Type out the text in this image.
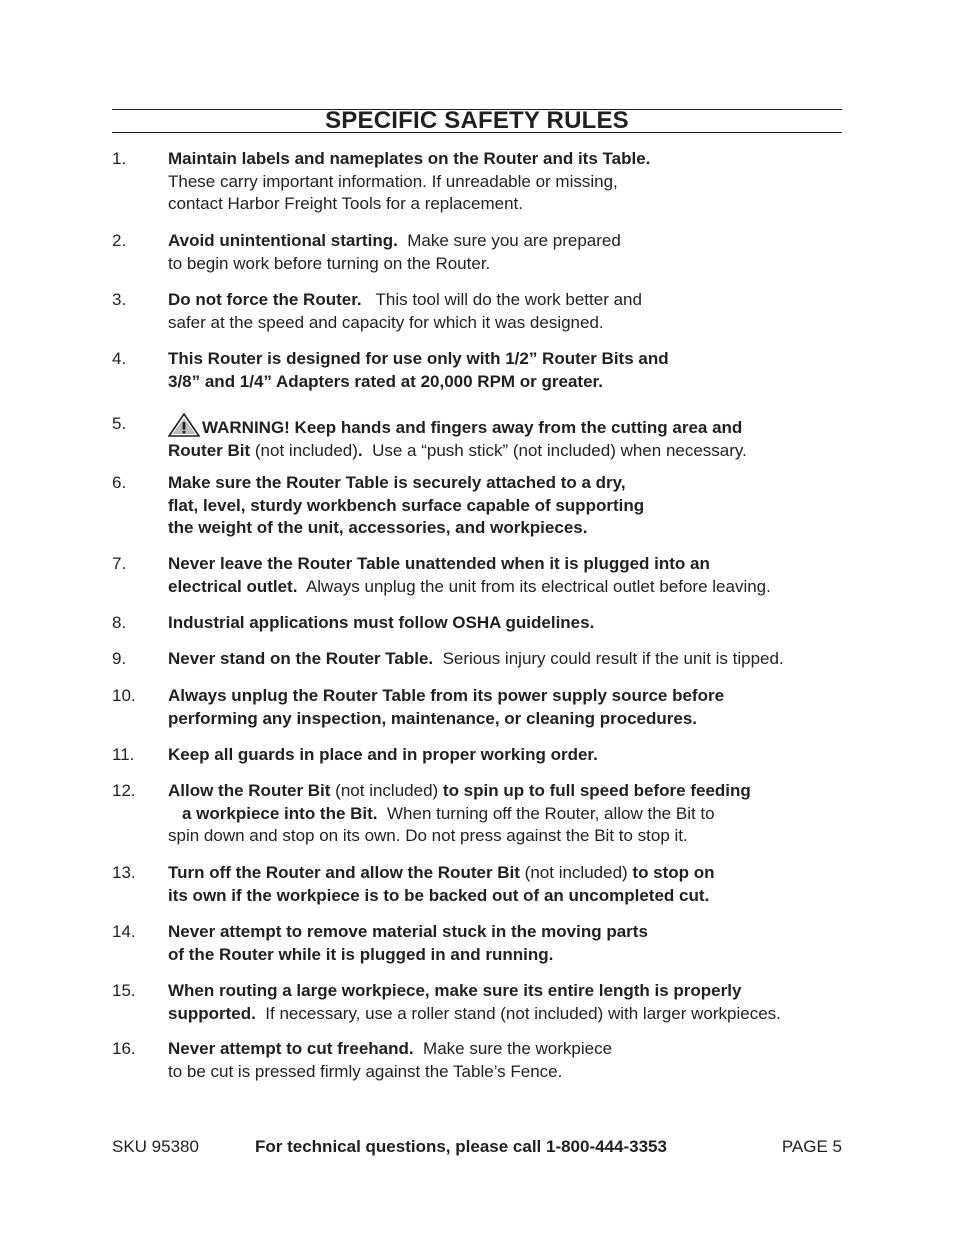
SPECIFIC SAFETY RULES
1.	Maintain labels and nameplates on the Router and its Table.
These carry important information. If unreadable or missing,
contact Harbor Freight Tools for a replacement.
2.	Avoid unintentional starting.  Make sure you are prepared
to begin work before turning on the Router.
3.	Do not force the Router.   This tool will do the work better and
safer at the speed and capacity for which it was designed.
4.	This Router is designed for use only with 1/2” Router Bits and
3/8” and 1/4” Adapters rated at 20,000 RPM or greater.
5.	WARNING! Keep hands and fingers away from the cutting area and
Router Bit (not included).  Use a “push stick” (not included) when necessary.
6.	Make sure the Router Table is securely attached to a dry,
flat, level, sturdy workbench surface capable of supporting
the weight of the unit, accessories, and workpieces.
7.	Never leave the Router Table unattended when it is plugged into an
electrical outlet.  Always unplug the unit from its electrical outlet before leaving.
8.	Industrial applications must follow OSHA guidelines.
9.	Never stand on the Router Table.  Serious injury could result if the unit is tipped.
10.	Always unplug the Router Table from its power supply source before
performing any inspection, maintenance, or cleaning procedures.
11.	Keep all guards in place and in proper working order.
12.	Allow the Router Bit (not included) to spin up to full speed before feeding
a workpiece into the Bit.  When turning off the Router, allow the Bit to
spin down and stop on its own. Do not press against the Bit to stop it.
13.	Turn off the Router and allow the Router Bit (not included) to stop on
its own if the workpiece is to be backed out of an uncompleted cut.
14.	Never attempt to remove material stuck in the moving parts
of the Router while it is plugged in and running.
15.	When routing a large workpiece, make sure its entire length is properly
supported.  If necessary, use a roller stand (not included) with larger workpieces.
16.	Never attempt to cut freehand.  Make sure the workpiece
to be cut is pressed firmly against the Table’s Fence.
SKU 95380	For technical questions, please call 1-800-444-3353	PAGE 5
